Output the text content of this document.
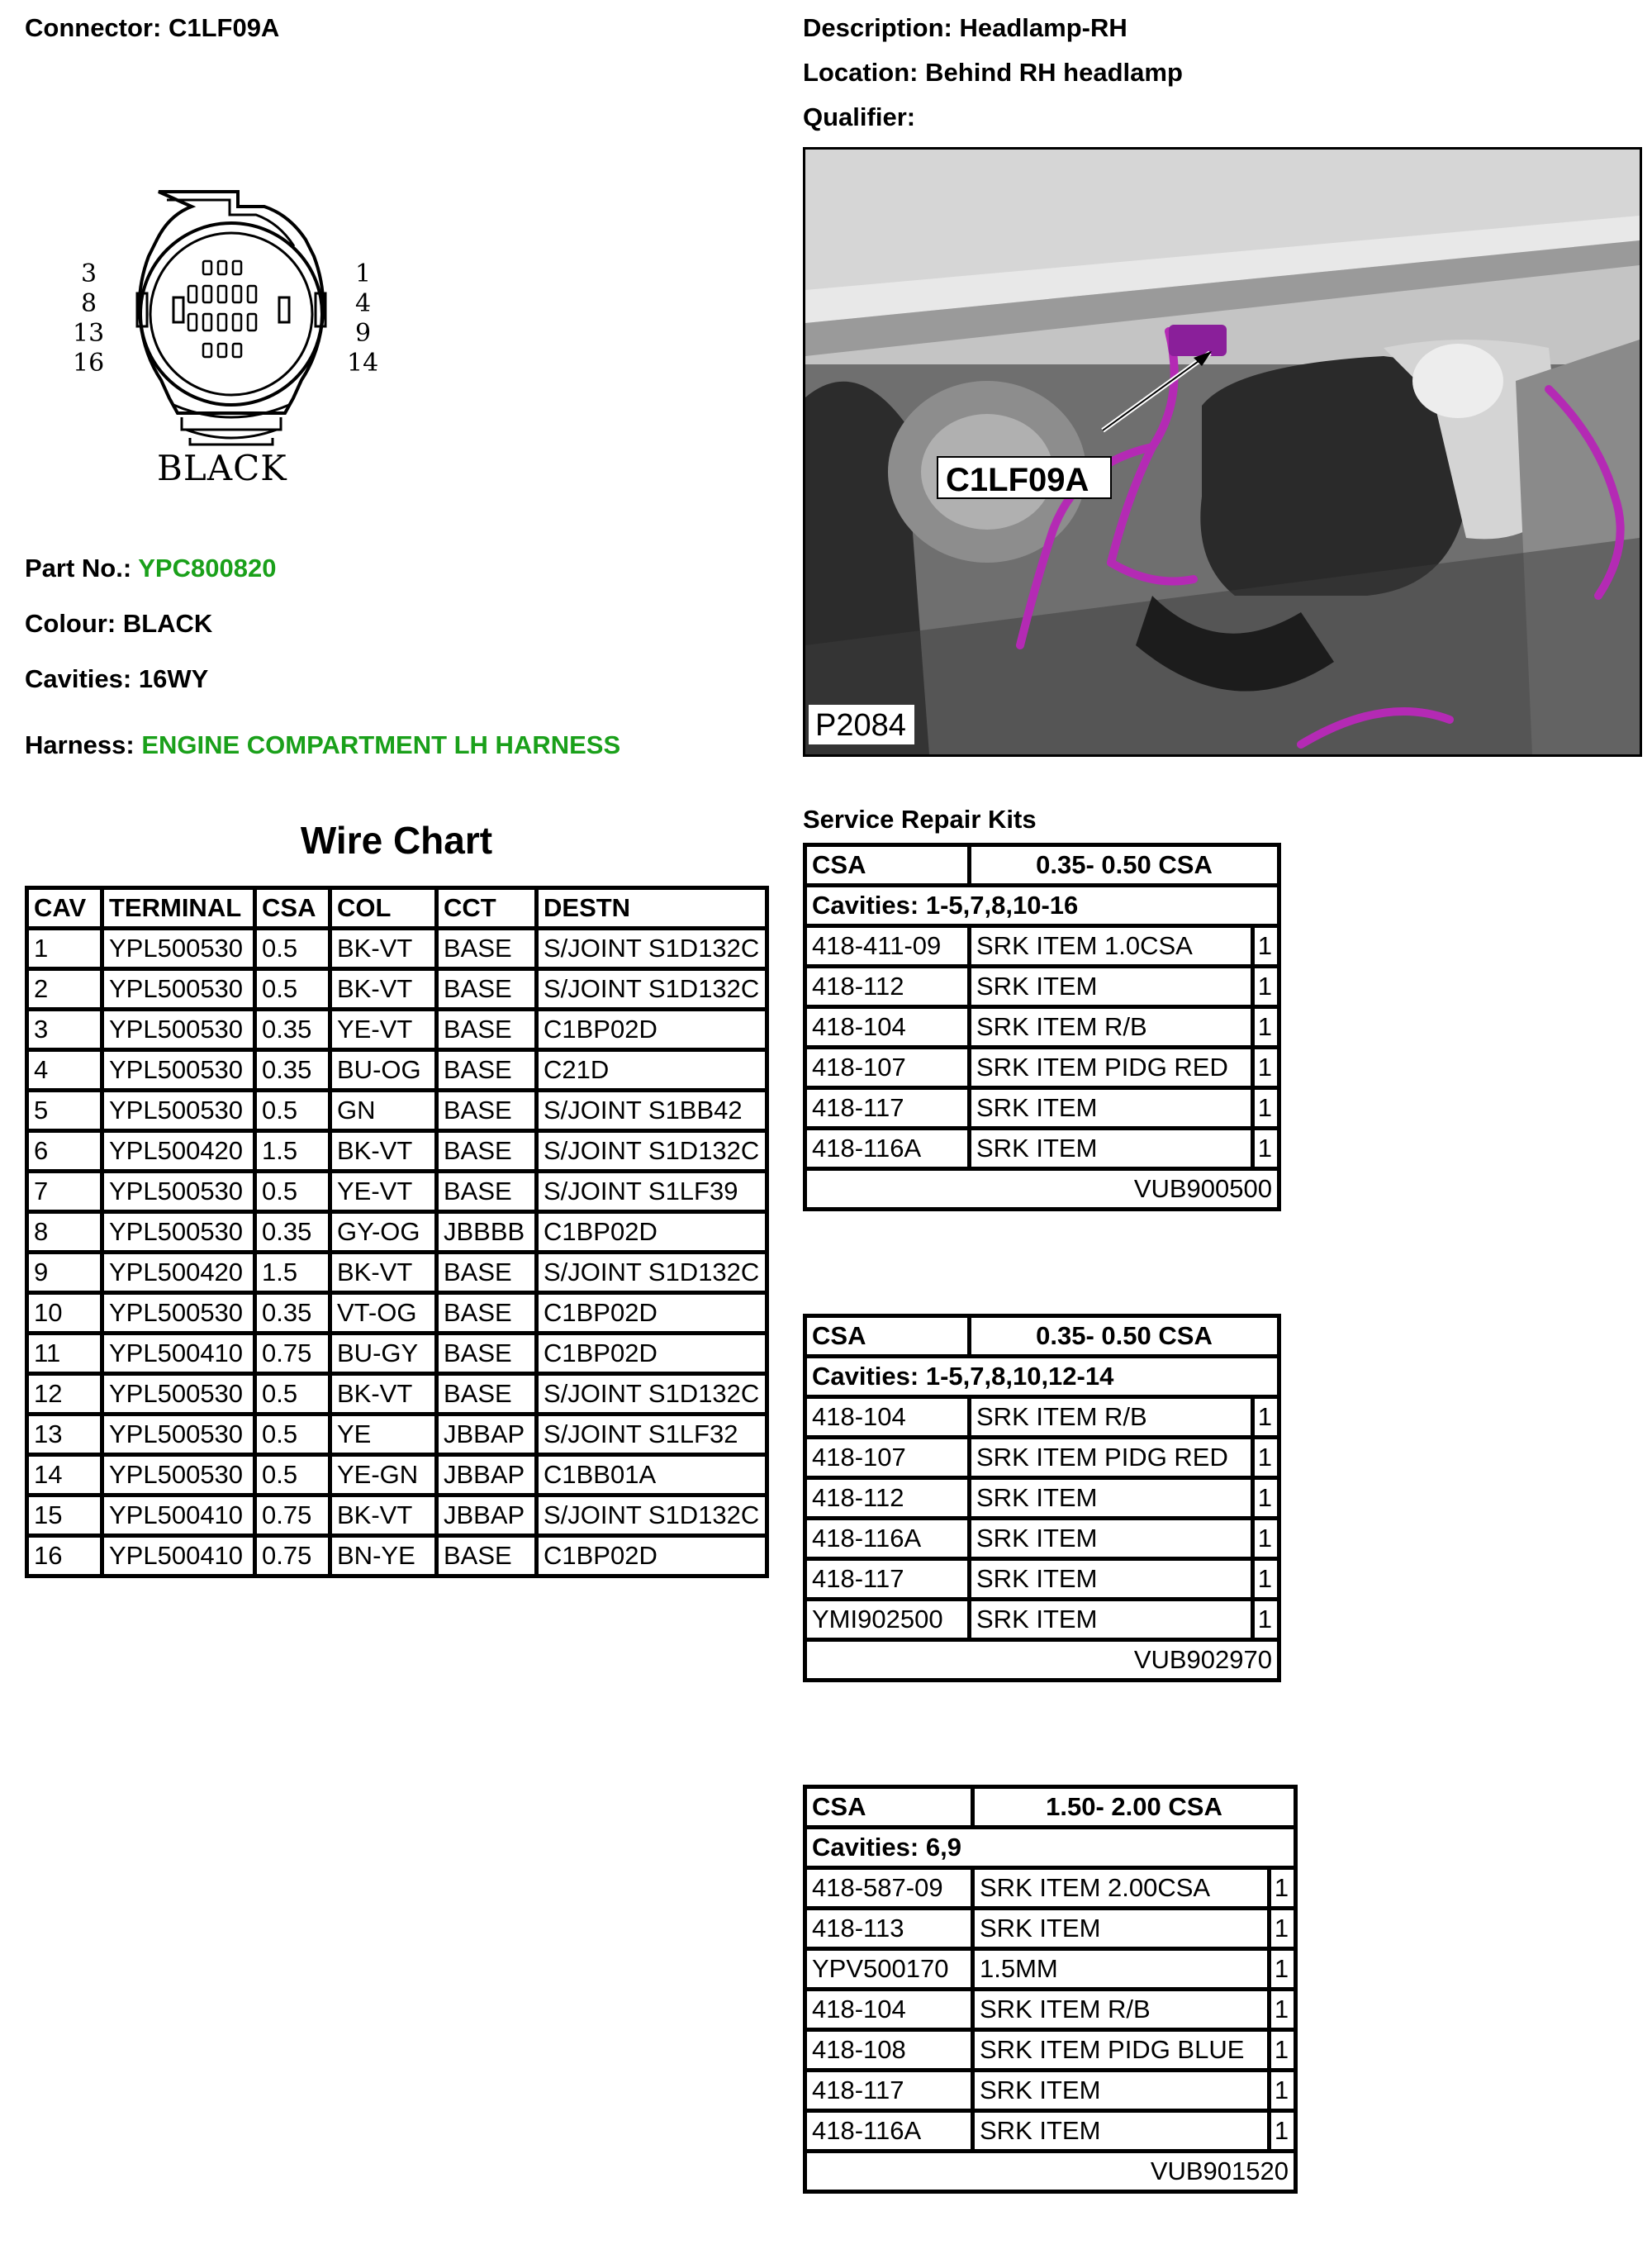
Connector: C1LF09A	Description: Headlamp-RH
Location: Behind RH headlamp
Qualifier:
3
8
13
16
1
4
9
14
BLACK
Part No.: YPC800820
Colour: BLACK
Cavities: 16WY
Harness: ENGINE COMPARTMENT LH HARNESS
C1LF09A
P2084
Wire Chart
CAV	TERMINAL	CSA	COL	CCT	DESTN
1	YPL500530	0.5	BK-VT	BASE	S/JOINT S1D132C
2	YPL500530	0.5	BK-VT	BASE	S/JOINT S1D132C
3	YPL500530	0.35	YE-VT	BASE	C1BP02D
4	YPL500530	0.35	BU-OG	BASE	C21D
5	YPL500530	0.5	GN	BASE	S/JOINT S1BB42
6	YPL500420	1.5	BK-VT	BASE	S/JOINT S1D132C
7	YPL500530	0.5	YE-VT	BASE	S/JOINT S1LF39
8	YPL500530	0.35	GY-OG	JBBBB	C1BP02D
9	YPL500420	1.5	BK-VT	BASE	S/JOINT S1D132C
10	YPL500530	0.35	VT-OG	BASE	C1BP02D
11	YPL500410	0.75	BU-GY	BASE	C1BP02D
12	YPL500530	0.5	BK-VT	BASE	S/JOINT S1D132C
13	YPL500530	0.5	YE	JBBAP	S/JOINT S1LF32
14	YPL500530	0.5	YE-GN	JBBAP	C1BB01A
15	YPL500410	0.75	BK-VT	JBBAP	S/JOINT S1D132C
16	YPL500410	0.75	BN-YE	BASE	C1BP02D
Service Repair Kits
CSA	0.35- 0.50 CSA	
Cavities: 1-5,7,8,10-16		
418-411-09	SRK ITEM 1.0CSA	1
418-112	SRK ITEM	1
418-104	SRK ITEM R/B	1
418-107	SRK ITEM PIDG RED	1
418-117	SRK ITEM	1
418-116A	SRK ITEM	1
VUB900500		
CSA	0.35- 0.50 CSA	
Cavities: 1-5,7,8,10,12-14		
418-104	SRK ITEM R/B	1
418-107	SRK ITEM PIDG RED	1
418-112	SRK ITEM	1
418-116A	SRK ITEM	1
418-117	SRK ITEM	1
YMI902500	SRK ITEM	1
VUB902970		
CSA	1.50- 2.00 CSA	
Cavities: 6,9		
418-587-09	SRK ITEM 2.00CSA	1
418-113	SRK ITEM	1
YPV500170	1.5MM	1
418-104	SRK ITEM R/B	1
418-108	SRK ITEM PIDG BLUE	1
418-117	SRK ITEM	1
418-116A	SRK ITEM	1
VUB901520		
